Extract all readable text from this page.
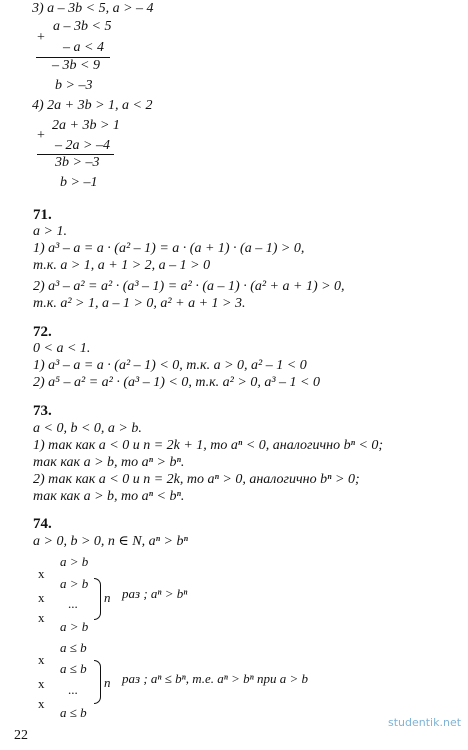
3) a – 3b < 5, a > – 4
+
a – 3b < 5
– a < 4
– 3b < 9
b > –3
4) 2a + 3b > 1, a < 2
+
2a + 3b > 1
– 2a > –4
3b > –3
b > –1
71.
a > 1.
1) a³ – a = a · (a² – 1) = a · (a + 1) · (a – 1) > 0,
т.к. a > 1, a + 1 > 2, a – 1 > 0
2) a³ – a² = a² · (a³ – 1) = a² · (a – 1) · (a² + a + 1) > 0,
т.к. a² > 1, a – 1 > 0, a² + a + 1 > 3.
72.
0 < a < 1.
1) a³ – a = a · (a² – 1) < 0, т.к. a > 0, a² – 1 < 0
2) a⁵ – a² = a² · (a³ – 1) < 0, т.к. a² > 0, a³ – 1 < 0
73.
a < 0, b < 0, a > b.
1) так как a < 0 и n = 2k + 1, то aⁿ < 0, аналогично bⁿ < 0;
так как a > b, то aⁿ > bⁿ.
2) так как a < 0 и n = 2k, то aⁿ > 0, аналогично bⁿ > 0;
так как a > b, то aⁿ < bⁿ.
74.
a > 0, b > 0, n ∈ N, aⁿ > bⁿ
x
x
x
a > b
a > b
...
a > b
n раз ; aⁿ > bⁿ
x
x
x
a ≤ b
a ≤ b
...
a ≤ b
n раз ; aⁿ ≤ bⁿ, т.е. aⁿ > bⁿ при a > b
22
studentik.net
